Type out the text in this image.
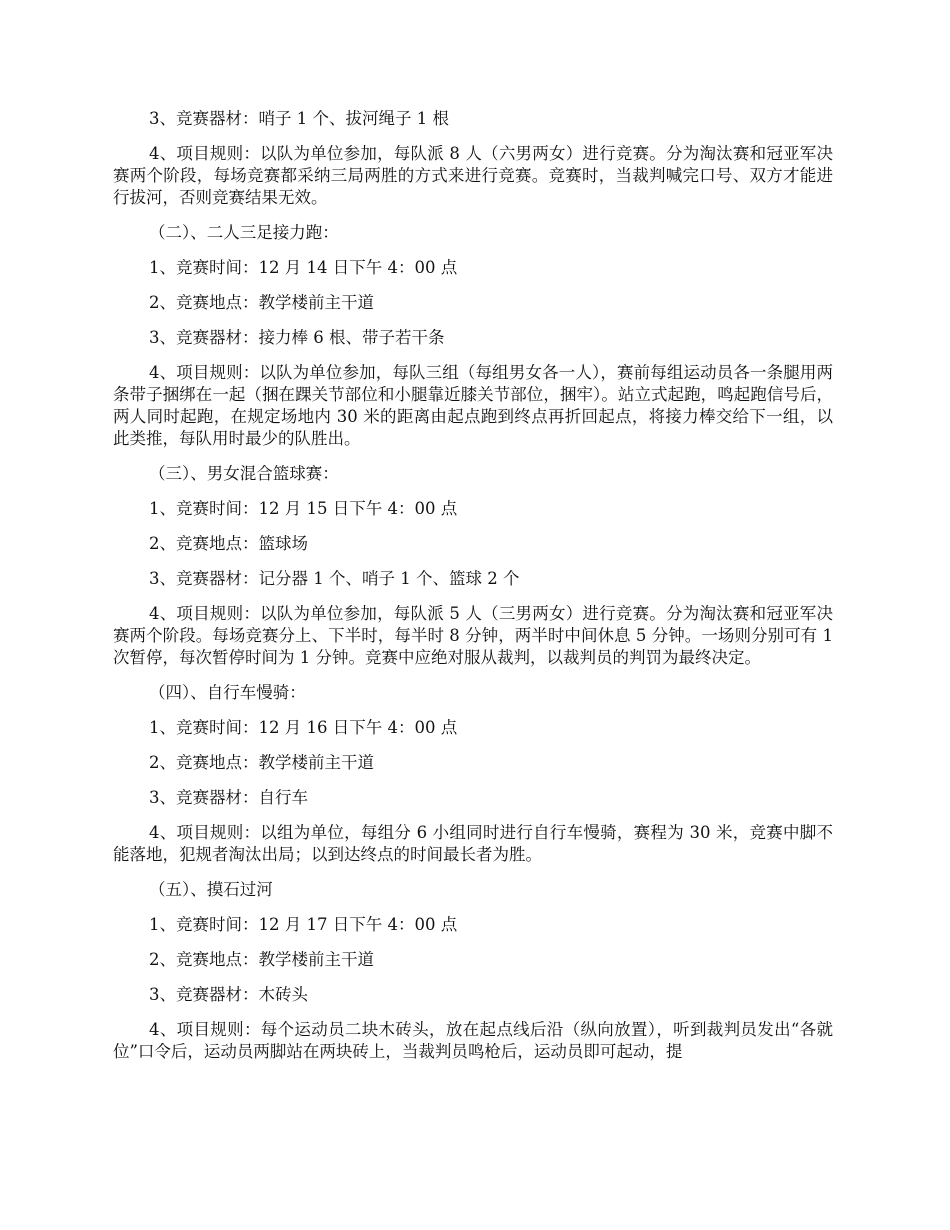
3、竞赛器材：哨子 1 个、拔河绳子 1 根

4、项目规则：以队为单位参加，每队派 8 人（六男两女）进行竞赛。分为淘汰赛和冠亚军决赛两个阶段，每场竞赛都采纳三局两胜的方式来进行竞赛。竞赛时，当裁判喊完口号、双方才能进行拔河，否则竞赛结果无效。

（二）、二人三足接力跑：

1、竞赛时间：12 月 14 日下午 4：00 点

2、竞赛地点：教学楼前主干道

3、竞赛器材：接力棒 6 根、带子若干条

4、项目规则：以队为单位参加，每队三组（每组男女各一人），赛前每组运动员各一条腿用两条带子捆绑在一起（捆在踝关节部位和小腿靠近膝关节部位，捆牢）。站立式起跑，鸣起跑信号后，两人同时起跑，在规定场地内 30 米的距离由起点跑到终点再折回起点，将接力棒交给下一组，以此类推，每队用时最少的队胜出。

（三）、男女混合篮球赛：

1、竞赛时间：12 月 15 日下午 4：00 点

2、竞赛地点：篮球场

3、竞赛器材：记分器 1 个、哨子 1 个、篮球 2 个

4、项目规则：以队为单位参加，每队派 5 人（三男两女）进行竞赛。分为淘汰赛和冠亚军决赛两个阶段。每场竞赛分上、下半时，每半时 8 分钟，两半时中间休息 5 分钟。一场则分别可有 1 次暂停，每次暂停时间为 1 分钟。竞赛中应绝对服从裁判，以裁判员的判罚为最终决定。

（四）、自行车慢骑：

1、竞赛时间：12 月 16 日下午 4：00 点

2、竞赛地点：教学楼前主干道

3、竞赛器材：自行车

4、项目规则：以组为单位，每组分 6 小组同时进行自行车慢骑，赛程为 30 米，竞赛中脚不能落地，犯规者淘汰出局；以到达终点的时间最长者为胜。

（五）、摸石过河

1、竞赛时间：12 月 17 日下午 4：00 点

2、竞赛地点：教学楼前主干道

3、竞赛器材：木砖头

4、项目规则：每个运动员二块木砖头，放在起点线后沿（纵向放置），听到裁判员发出“各就位”口令后，运动员两脚站在两块砖上，当裁判员鸣枪后，运动员即可起动，提
